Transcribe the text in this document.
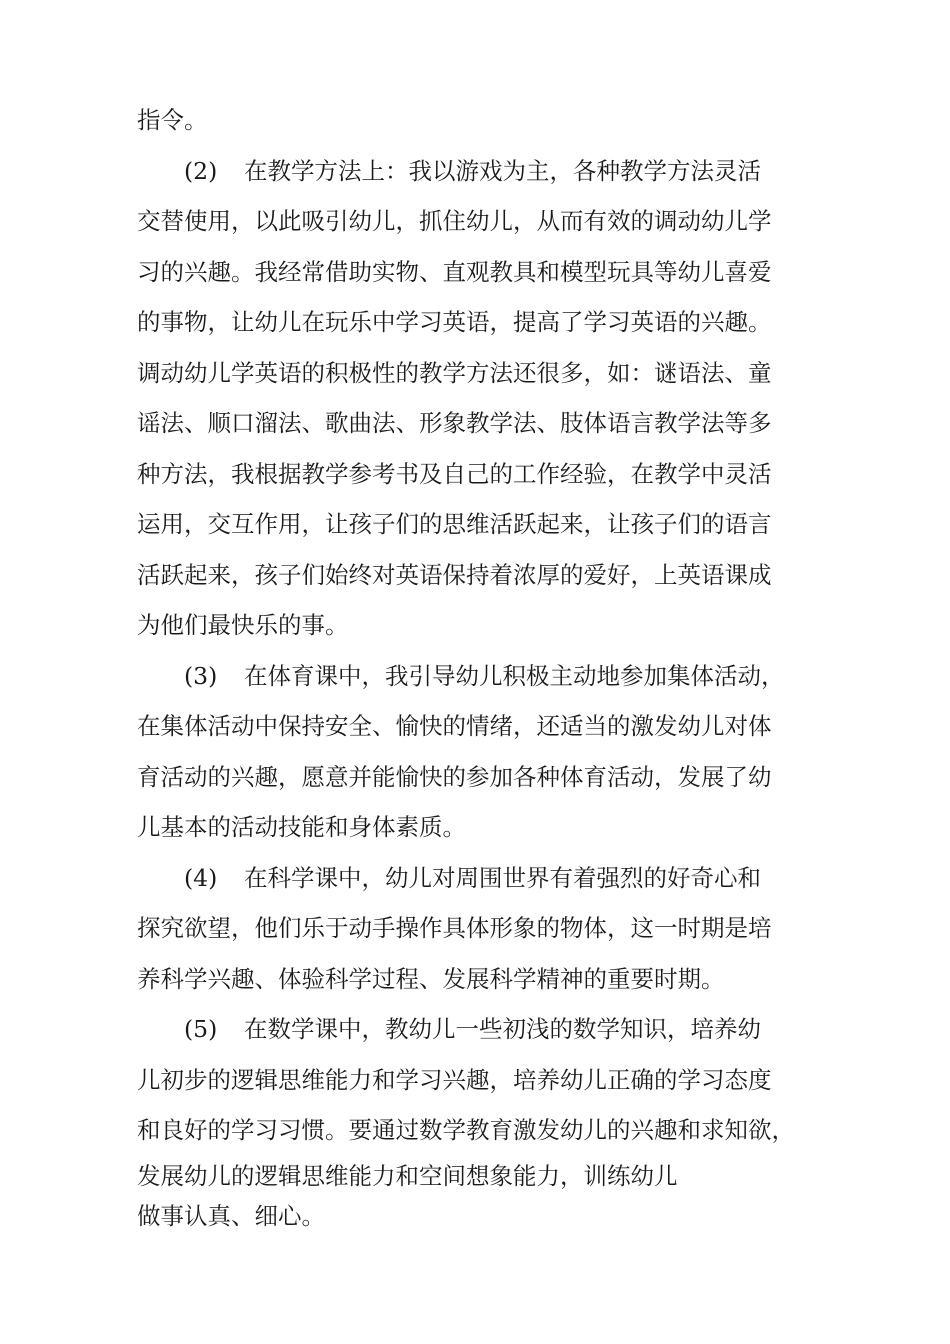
指令。
(2) 在教学方法上：我以游戏为主，各种教学方法灵活
交替使用，以此吸引幼儿，抓住幼儿，从而有效的调动幼儿学
习的兴趣。我经常借助实物、直观教具和模型玩具等幼儿喜爱
的事物，让幼儿在玩乐中学习英语，提高了学习英语的兴趣。
调动幼儿学英语的积极性的教学方法还很多，如：谜语法、童
谣法、顺口溜法、歌曲法、形象教学法、肢体语言教学法等多
种方法，我根据教学参考书及自己的工作经验，在教学中灵活
运用，交互作用，让孩子们的思维活跃起来，让孩子们的语言
活跃起来，孩子们始终对英语保持着浓厚的爱好，上英语课成
为他们最快乐的事。
(3) 在体育课中，我引导幼儿积极主动地参加集体活动，
在集体活动中保持安全、愉快的情绪，还适当的激发幼儿对体
育活动的兴趣，愿意并能愉快的参加各种体育活动，发展了幼
儿基本的活动技能和身体素质。
(4) 在科学课中，幼儿对周围世界有着强烈的好奇心和
探究欲望，他们乐于动手操作具体形象的物体，这一时期是培
养科学兴趣、体验科学过程、发展科学精神的重要时期。
(5) 在数学课中，教幼儿一些初浅的数学知识，培养幼
儿初步的逻辑思维能力和学习兴趣，培养幼儿正确的学习态度
和良好的学习习惯。要通过数学教育激发幼儿的兴趣和求知欲，
发展幼儿的逻辑思维能力和空间想象能力，训练幼儿
做事认真、细心。
